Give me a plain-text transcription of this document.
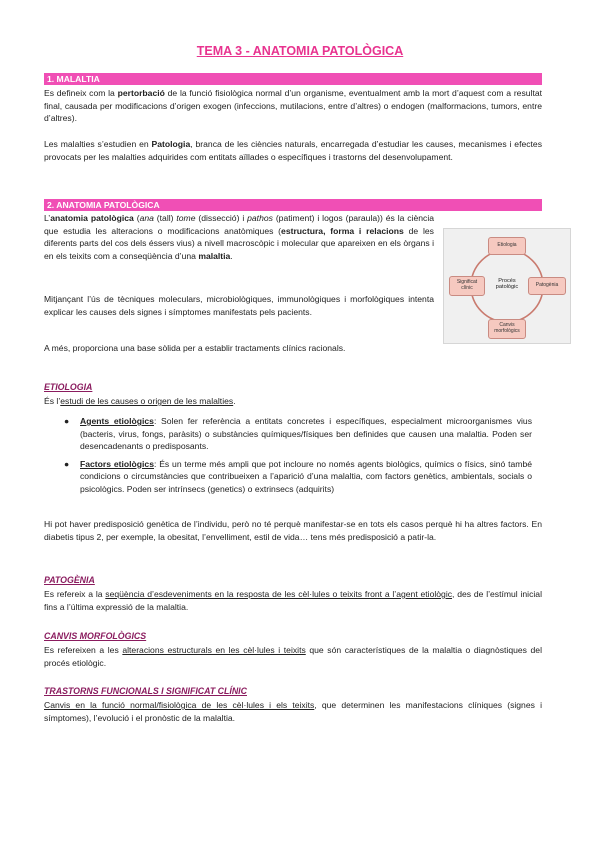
TEMA 3 - ANATOMIA PATOLÒGICA
1. MALALTIA

Es defineix com la pertorbació de la funció fisiològica normal d’un organisme, eventualment amb la mort d’aquest com a resultat final, causada per modificacions d’origen exogen (infeccions, mutilacions, entre d’altres) o endogen (malformacions, tumors, entre d’altres).

Les malalties s’estudien en Patologia, branca de les ciències naturals, encarregada d’estudiar les causes, mecanismes i efectes provocats per les malalties adquirides com entitats aïllades o específiques i trastorns del desenvolupament.

2. ANATOMIA PATOLÒGICA

L’anatomia patològica (ana (tall) tome (dissecció) i pathos (patiment) i logos (paraula)) és la ciència que estudia les alteracions o modificacions anatòmiques (estructura, forma i relacions de les diferents parts del cos dels éssers vius) a nivell macroscòpic i molecular que apareixen en els òrgans i en els teixits com a conseqüència d’una malaltia.

Mitjançant l’ús de tècniques moleculars, microbiològiques, immunològiques i morfològiques intenta explicar les causes dels signes i símptomes manifestats pels pacients.

A més, proporciona una base sòlida per a establir tractaments clínics racionals.

Procés
patològic
Etiologia
Patogènia
Canvis
morfològics
Significat
clínic
ETIOLOGIA

És l’estudi de les causes o origen de les malalties.

● Agents etiològics: Solen fer referència a entitats concretes i específiques, especialment microorganismes vius (bacteris, virus, fongs, paràsits) o substàncies químiques/físiques ben definides que causen una malaltia. Poden ser desencadenants o predisposants.
● Factors etiològics: És un terme més ampli que pot incloure no només agents biològics, químics o físics, sinó també condicions o circumstàncies que contribueixen a l’aparició d’una malaltia, com factors genètics, ambientals, socials o psicològics. Poden ser intrínsecs (genetics) o extrinsecs (adquirits)

Hi pot haver predisposició genètica de l’individu, però no té perquè manifestar-se en tots els casos perquè hi ha altres factors. En diabetis tipus 2, per exemple, la obesitat, l’envelliment, estil de vida… tens més predisposició a patir-la.

PATOGÈNIA

Es refereix a la seqüència d’esdeveniments en la resposta de les cèl·lules o teixits front a l’agent etiològic, des de l’estímul inicial fins a l’última expressió de la malaltia.

CANVIS MORFOLÒGICS

Es refereixen a les alteracions estructurals en les cèl·lules i teixits que són característiques de la malaltia o diagnòstiques del procés etiològic.

TRASTORNS FUNCIONALS I SIGNIFICAT CLÍNIC

Canvis en la funció normal/fisiològica de les cèl·lules i els teixits, que determinen les manifestacions clíniques (signes i símptomes), l’evolució i el pronòstic de la malaltia.
